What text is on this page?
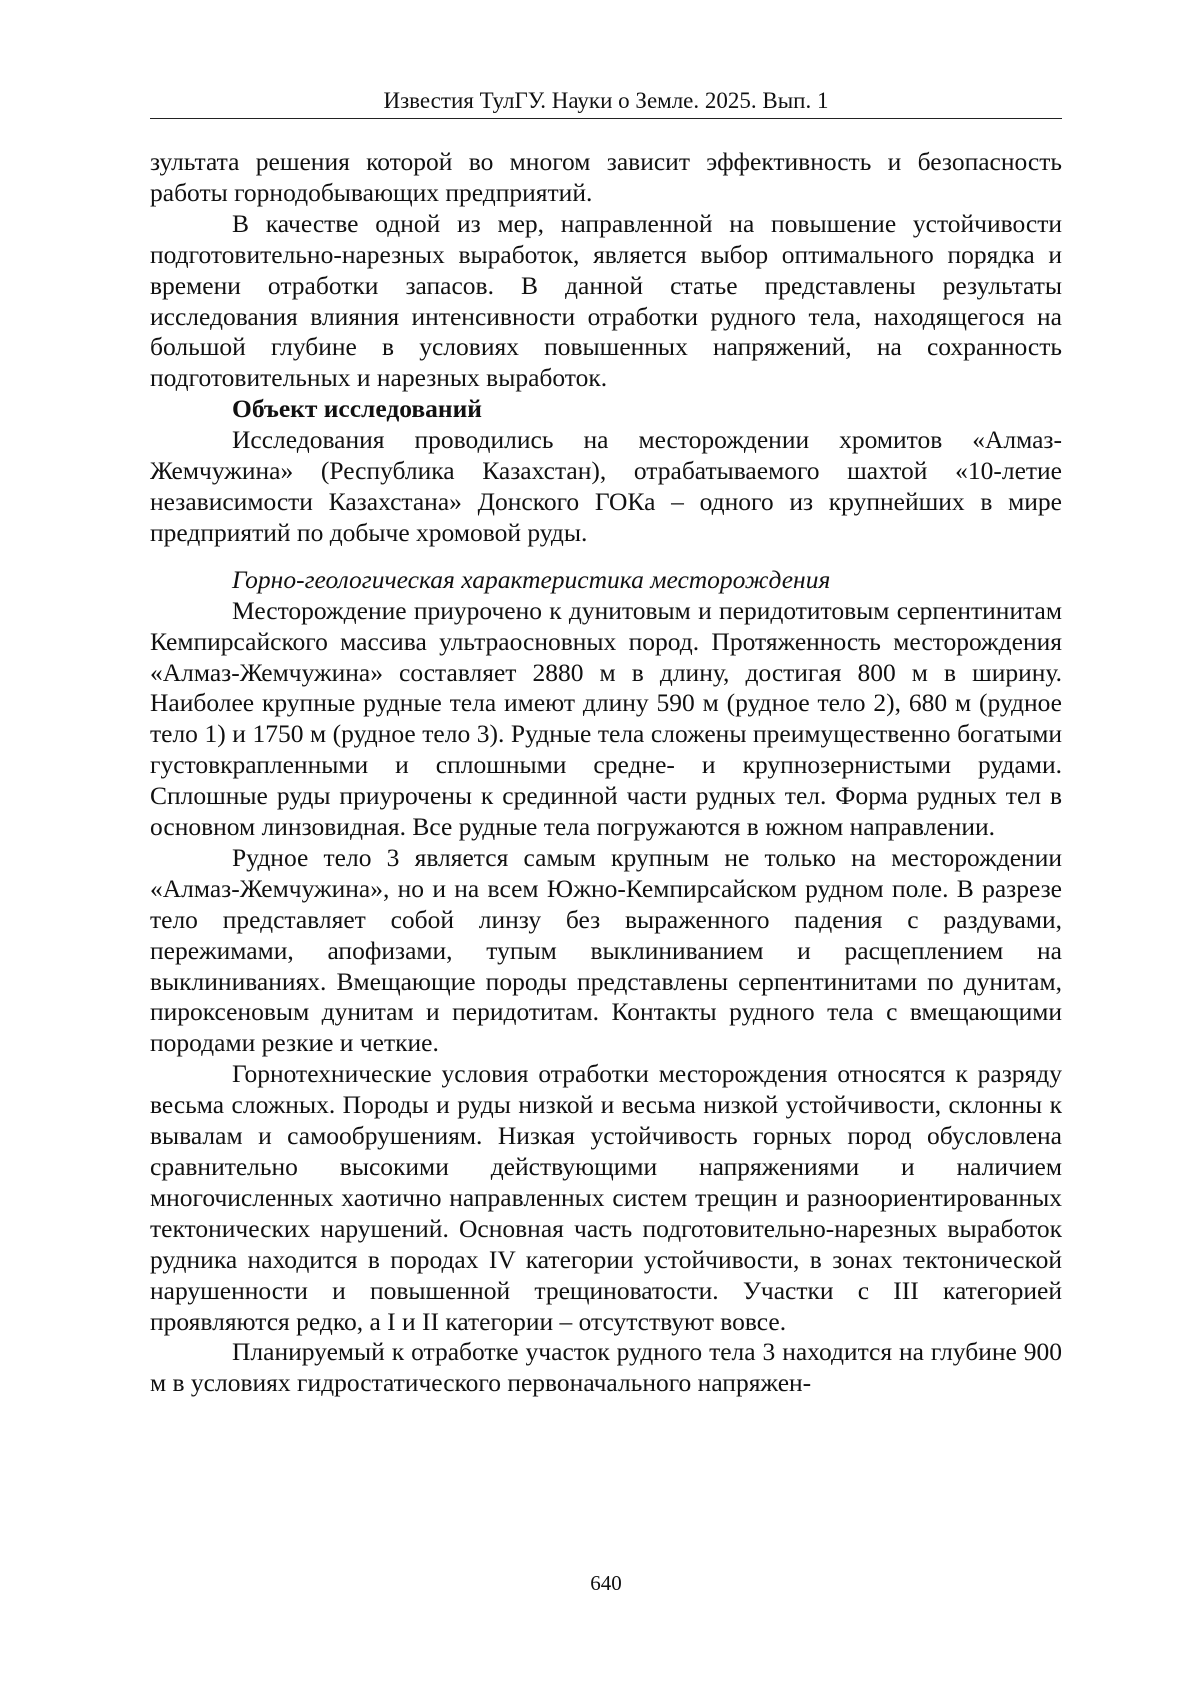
Известия ТулГУ. Науки о Земле. 2025. Вып. 1

зультата решения которой во многом зависит эффективность и безопасность работы горнодобывающих предприятий.

В качестве одной из мер, направленной на повышение устойчивости подготовительно-нарезных выработок, является выбор оптимального порядка и времени отработки запасов. В данной статье представлены результаты исследования влияния интенсивности отработки рудного тела, находящегося на большой глубине в условиях повышенных напряжений, на сохранность подготовительных и нарезных выработок.

Объект исследований

Исследования проводились на месторождении хромитов «Алмаз-Жемчужина» (Республика Казахстан), отрабатываемого шахтой «10-летие независимости Казахстана» Донского ГОКа – одного из крупнейших в мире предприятий по добыче хромовой руды.

Горно-геологическая характеристика месторождения

Месторождение приурочено к дунитовым и перидотитовым серпентинитам Кемпирсайского массива ультраосновных пород. Протяженность месторождения «Алмаз-Жемчужина» составляет 2880 м в длину, достигая 800 м в ширину. Наиболее крупные рудные тела имеют длину 590 м (рудное тело 2), 680 м (рудное тело 1) и 1750 м (рудное тело 3). Рудные тела сложены преимущественно богатыми густовкрапленными и сплошными средне- и крупнозернистыми рудами. Сплошные руды приурочены к срединной части рудных тел. Форма рудных тел в основном линзовидная. Все рудные тела погружаются в южном направлении.

Рудное тело 3 является самым крупным не только на месторождении «Алмаз-Жемчужина», но и на всем Южно-Кемпирсайском рудном поле. В разрезе тело представляет собой линзу без выраженного падения с раздувами, пережимами, апофизами, тупым выклиниванием и расщеплением на выклиниваниях. Вмещающие породы представлены серпентинитами по дунитам, пироксеновым дунитам и перидотитам. Контакты рудного тела с вмещающими породами резкие и четкие.

Горнотехнические условия отработки месторождения относятся к разряду весьма сложных. Породы и руды низкой и весьма низкой устойчивости, склонны к вывалам и самообрушениям. Низкая устойчивость горных пород обусловлена сравнительно высокими действующими напряжениями и наличием многочисленных хаотично направленных систем трещин и разноориентированных тектонических нарушений. Основная часть подготовительно-нарезных выработок рудника находится в породах IV категории устойчивости, в зонах тектонической нарушенности и повышенной трещиноватости. Участки с III категорией проявляются редко, а I и II категории – отсутствуют вовсе.

Планируемый к отработке участок рудного тела 3 находится на глубине 900 м в условиях гидростатического первоначального напряжен-

640
